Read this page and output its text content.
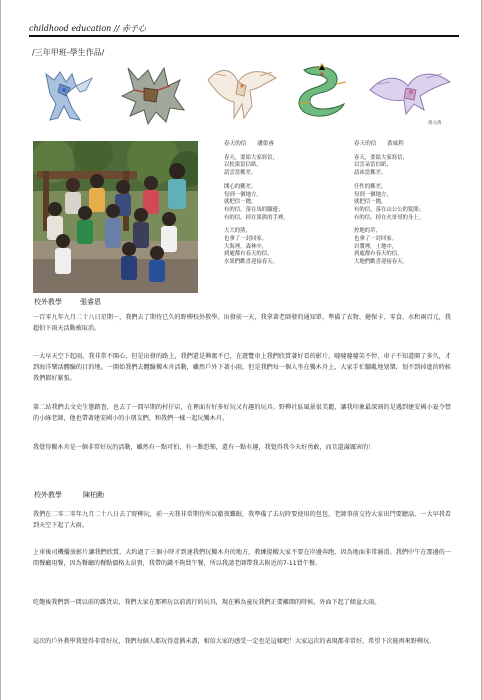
childhood education // 赤子心
/三年甲班-學生作品/
馮元禹
校外教學	張睿恩
春天的信 潘榮睿
春天，要給大家寫信，
以松果當信紙，
請雲當郵差。
開心的郵差，
每到一個地方，
就把信一拋，
有的信，落在馬的腳邊；
有的信，掉在果熊的手裡。
大大的熊，
也拿了一封回家。
大海裡，森林中，
到處都有春天的信，
水果們歡喜迎接春天。
春天的信 黃威程
春天，要給大家寫信，
以雲朵當信紙，
請冰當郵差。
任性的郵差，
每到一個地方，
就把信一拋，
有的信，落在山公公的髮間；
有的信，掉在火哥哥的身上。
控地的草，
也拿了一封回家。
岩漿裡，土地中，
到處都有春天的信，
大地們歡喜迎接春天。
一百零九年九月二十八日星期一，我們去了期待已久的野柳校外教學。出發前一天，我拿著老師發的通知單，準備了衣物、健保卡、零食、水和兩百元，我超怕下雨天活動被取消。
一大早天空下起雨，我非常不開心，但是出發的路上，我們還是興奮不已，在遊覽車上我們欣賞著好看的影片，噠噠噠噠笑不停，車子不知道開了多久，才到海洋樂活體驗的目的地。一開始我們去體驗獨木舟活動，雖然戶外下著小雨，但是我們每一個人坐在獨木舟上，大家手忙腳亂地划槳，划不到掉進的時候我們都好緊張。
第二站我們去文史生態踏查，也去了一間早期的村仔店，在裡面有好多好玩又有趣的玩具。野柳社區風景很美麗，讓我印象最深刻的是遇到建安國小夏令營的小綠老師，他也帶著建安國小的小朋友們，和我們一樣一起玩獨木舟。
我覺得獨木舟是一個非常好玩的活動，雖然有一點可怕、有一點恐怖，還有一點有趣，我覺得我今天好勇敢，而且還滿厲害的！
校外教學	陳柏勳
我們在二零二零年九月二十八日去了野柳玩，前一天我非常期待所以徹夜難眠，我準備了去玩時要使用的包包，老師事前交待大家出門要聽話，一大早我看到天空下起了大雨。
上車後司機播放影片讓我們欣賞，大約過了三個小時才到達我們玩獨木舟的地方，教練提醒大家不要在岸邊奔跑，因為地面非常濕滑。我們中午在那邊的一間餐廳用餐，因為餐廳的餐點價格太昂貴，我帶的錢不夠買午餐，所以我請老師帶我去附近的7-11買午餐。
吃飽後我們到一間以前的雜貨店，我們大家在那裡玩以前流行的玩具，現在稱為童玩我們正要離開的時候，外面下起了傾盆大雨。
這次的戶外教學我覺得非常好玩，我們每個人都玩得意猶未盡，相信大家的感受一定也是這樣吧！大家這次的表現都非常好，希望下次能再來野柳玩。
